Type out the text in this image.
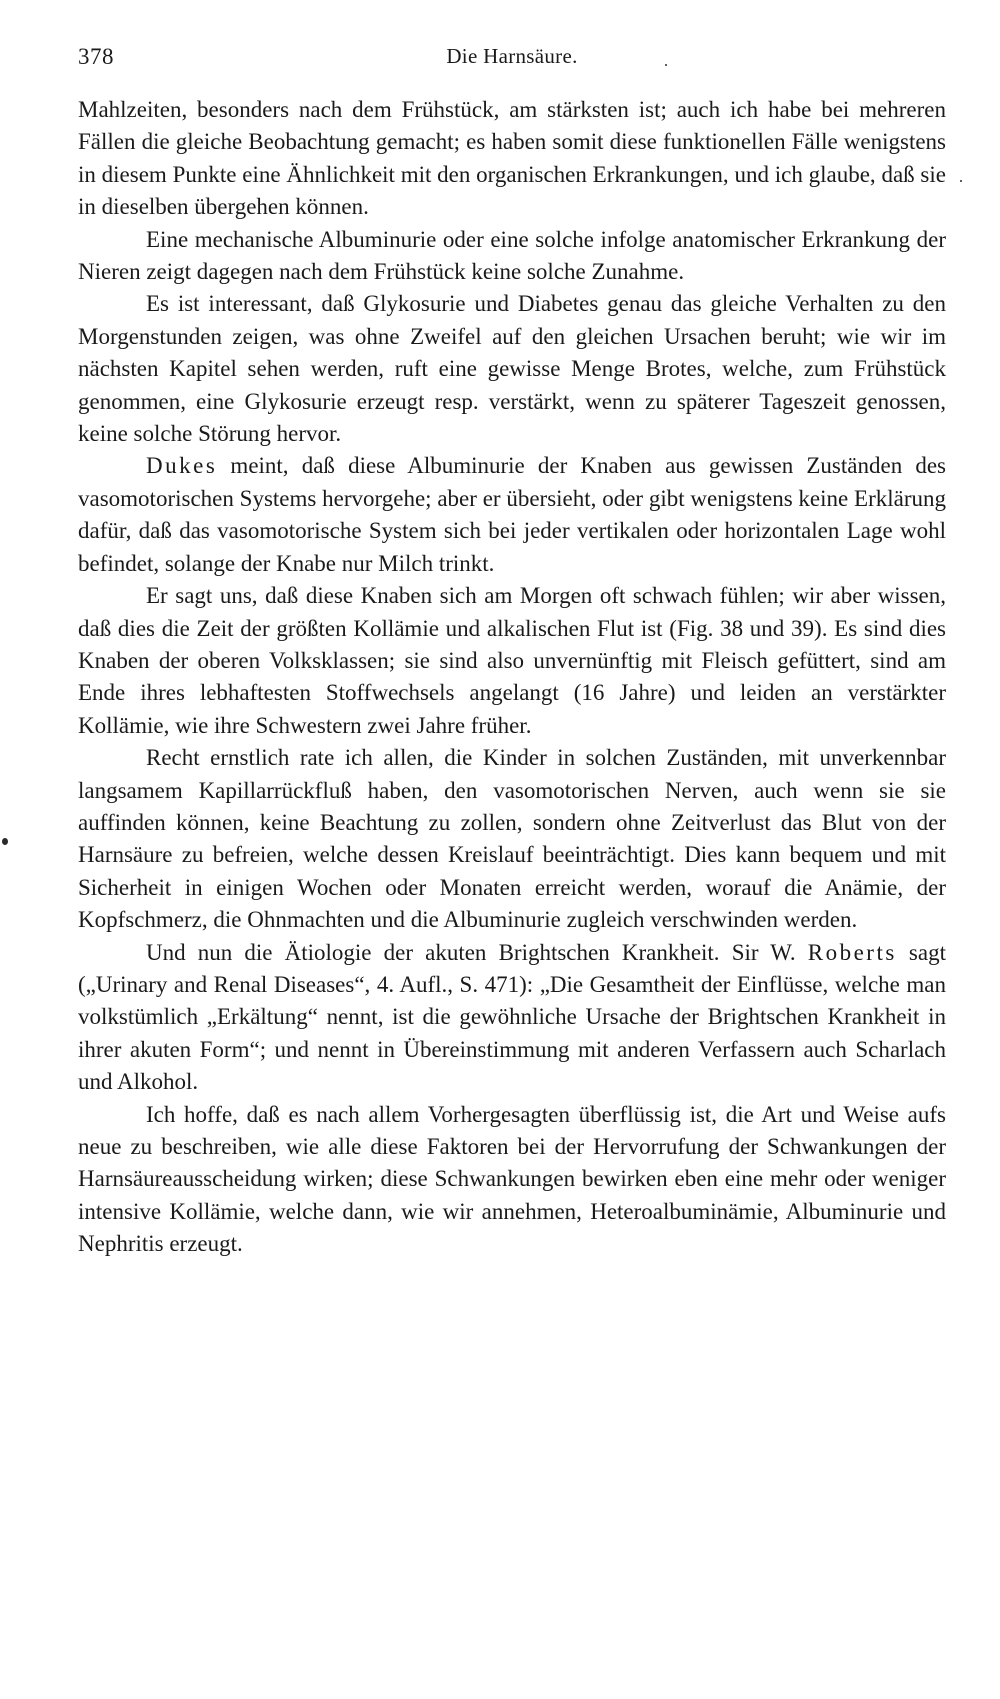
378	Die Harnsäure.

Mahlzeiten, besonders nach dem Frühstück, am stärksten ist; auch ich habe bei mehreren Fällen die gleiche Beobachtung gemacht; es haben somit diese funktionellen Fälle wenigstens in diesem Punkte eine Ähnlichkeit mit den organischen Erkrankungen, und ich glaube, daß sie in dieselben übergehen können.

Eine mechanische Albuminurie oder eine solche infolge anatomischer Erkrankung der Nieren zeigt dagegen nach dem Frühstück keine solche Zunahme.

Es ist interessant, daß Glykosurie und Diabetes genau das gleiche Verhalten zu den Morgenstunden zeigen, was ohne Zweifel auf den gleichen Ursachen beruht; wie wir im nächsten Kapitel sehen werden, ruft eine gewisse Menge Brotes, welche, zum Frühstück genommen, eine Glykosurie erzeugt resp. verstärkt, wenn zu späterer Tageszeit genossen, keine solche Störung hervor.

Dukes meint, daß diese Albuminurie der Knaben aus gewissen Zuständen des vasomotorischen Systems hervorgehe; aber er übersieht, oder gibt wenigstens keine Erklärung dafür, daß das vasomotorische System sich bei jeder vertikalen oder horizontalen Lage wohl befindet, solange der Knabe nur Milch trinkt.

Er sagt uns, daß diese Knaben sich am Morgen oft schwach fühlen; wir aber wissen, daß dies die Zeit der größten Kollämie und alkalischen Flut ist (Fig. 38 und 39). Es sind dies Knaben der oberen Volksklassen; sie sind also unvernünftig mit Fleisch gefüttert, sind am Ende ihres lebhaftesten Stoffwechsels angelangt (16 Jahre) und leiden an verstärkter Kollämie, wie ihre Schwestern zwei Jahre früher.

Recht ernstlich rate ich allen, die Kinder in solchen Zuständen, mit unverkennbar langsamem Kapillarrückfluß haben, den vasomotorischen Nerven, auch wenn sie sie auffinden können, keine Beachtung zu zollen, sondern ohne Zeitverlust das Blut von der Harnsäure zu befreien, welche dessen Kreislauf beeinträchtigt. Dies kann bequem und mit Sicherheit in einigen Wochen oder Monaten erreicht werden, worauf die Anämie, der Kopfschmerz, die Ohnmachten und die Albuminurie zugleich verschwinden werden.

Und nun die Ätiologie der akuten Brightschen Krankheit. Sir W. Roberts sagt („Urinary and Renal Diseases“, 4. Aufl., S. 471): „Die Gesamtheit der Einflüsse, welche man volkstümlich „Erkältung“ nennt, ist die gewöhnliche Ursache der Brightschen Krankheit in ihrer akuten Form“; und nennt in Übereinstimmung mit anderen Verfassern auch Scharlach und Alkohol.

Ich hoffe, daß es nach allem Vorhergesagten überflüssig ist, die Art und Weise aufs neue zu beschreiben, wie alle diese Faktoren bei der Hervorrufung der Schwankungen der Harnsäureausscheidung wirken; diese Schwankungen bewirken eben eine mehr oder weniger intensive Kollämie, welche dann, wie wir annehmen, Heteroalbuminämie, Albuminurie und Nephritis erzeugt.
